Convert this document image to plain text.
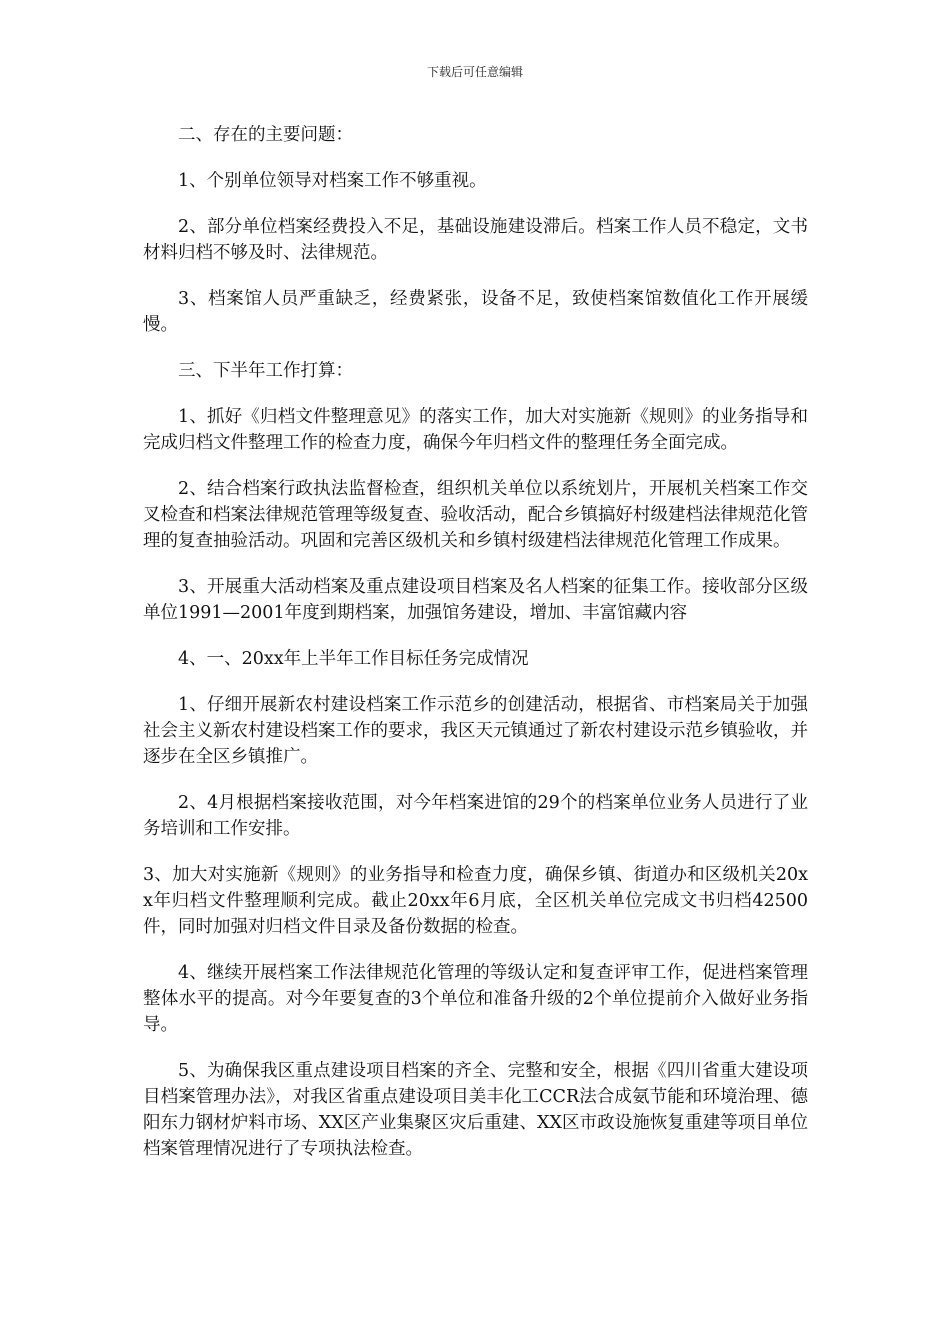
下载后可任意编辑

二、存在的主要问题：

1、个别单位领导对档案工作不够重视。

2、部分单位档案经费投入不足，基础设施建设滞后。档案工作人员不稳定，文书材料归档不够及时、法律规范。

3、档案馆人员严重缺乏，经费紧张，设备不足，致使档案馆数值化工作开展缓慢。

三、下半年工作打算：

1、抓好《归档文件整理意见》的落实工作，加大对实施新《规则》的业务指导和完成归档文件整理工作的检查力度，确保今年归档文件的整理任务全面完成。

2、结合档案行政执法监督检查，组织机关单位以系统划片，开展机关档案工作交叉检查和档案法律规范管理等级复查、验收活动，配合乡镇搞好村级建档法律规范化管理的复查抽验活动。巩固和完善区级机关和乡镇村级建档法律规范化管理工作成果。

3、开展重大活动档案及重点建设项目档案及名人档案的征集工作。接收部分区级单位1991—2001年度到期档案，加强馆务建设，增加、丰富馆藏内容

4、一、20xx年上半年工作目标任务完成情况

1、仔细开展新农村建设档案工作示范乡的创建活动，根据省、市档案局关于加强社会主义新农村建设档案工作的要求，我区天元镇通过了新农村建设示范乡镇验收，并逐步在全区乡镇推广。

2、4月根据档案接收范围，对今年档案进馆的29个的档案单位业务人员进行了业务培训和工作安排。

3、加大对实施新《规则》的业务指导和检查力度，确保乡镇、街道办和区级机关20xx年归档文件整理顺利完成。截止20xx年6月底，全区机关单位完成文书归档42500件，同时加强对归档文件目录及备份数据的检查。

4、继续开展档案工作法律规范化管理的等级认定和复查评审工作，促进档案管理整体水平的提高。对今年要复查的3个单位和准备升级的2个单位提前介入做好业务指导。

5、为确保我区重点建设项目档案的齐全、完整和安全，根据《四川省重大建设项目档案管理办法》，对我区省重点建设项目美丰化工CCR法合成氨节能和环境治理、德阳东力钢材炉料市场、XX区产业集聚区灾后重建、XX区市政设施恢复重建等项目单位档案管理情况进行了专项执法检查。
